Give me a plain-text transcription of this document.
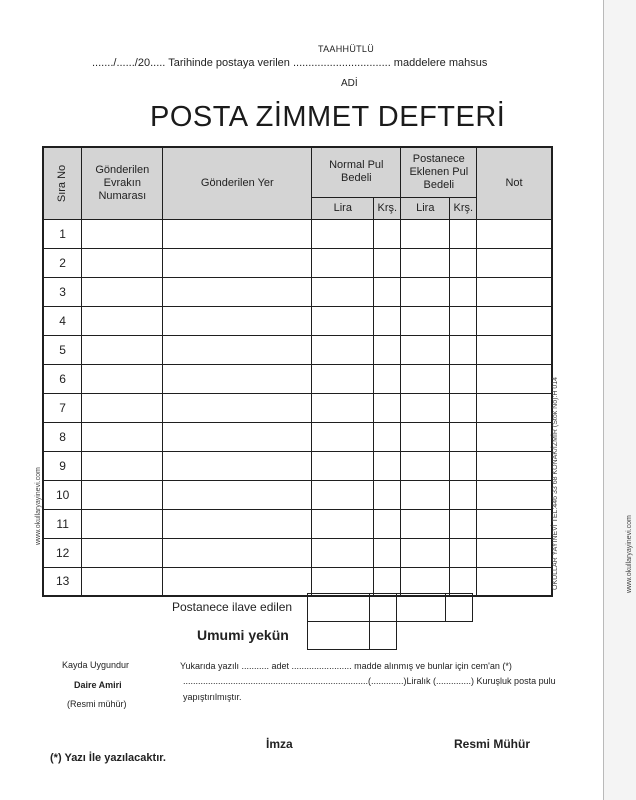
TAAHHÜTLÜ
......./....../20..... Tarihinde postaya verilen ................................ maddelere mahsus
ADİ
POSTA ZİMMET DEFTERİ
Sıra No	Gönderilen Evrakın Numarası	Gönderilen Yer	Normal Pul Bedeli		Postanece Eklenen Pul Bedeli		Not
			Lira	Krş.	Lira	Krş.	
1							
2							
3							
4							
5							
6							
7							
8							
9							
10							
11							
12							
13							
Postanece ilave edilen
Umumi yekün

Kayda Uygundur
Daire Amiri
(Resmi mühür)
Yukarıda yazılı ........... adet ........................ madde alınmış ve bunlar için cem'an (*)
..........................................................................(.............)Liralık (..............) Kuruşluk posta pulu
yapıştırılmıştır.
İmza	Resmi Mühür
(*) Yazı İle yazılacaktır.
www.okullaryayinevi.com	OKULLAR YAYINEVİ TEL:446 33 68 KONAK/İZMİR (Stok No):H 014	www.okullaryayinevi.com
